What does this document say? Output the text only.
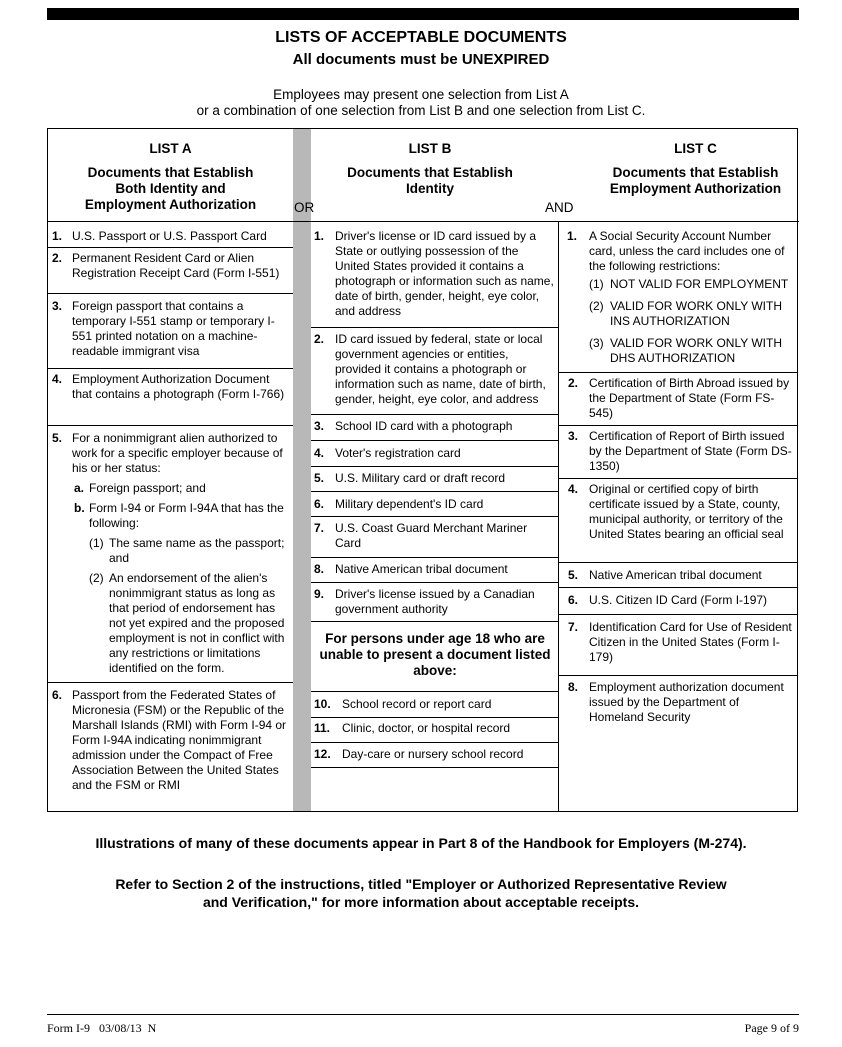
LISTS OF ACCEPTABLE DOCUMENTS
All documents must be UNEXPIRED
Employees may present one selection from List A
or a combination of one selection from List B and one selection from List C.
LIST A
Documents that Establish
Both Identity and
Employment Authorization	OR
LIST B
Documents that Establish
Identity
AND
LIST C
Documents that Establish
Employment Authorization
1. U.S. Passport or U.S. Passport Card
2. Permanent Resident Card or Alien Registration Receipt Card (Form I-551)
3. Foreign passport that contains a temporary I-551 stamp or temporary I-551 printed notation on a machine-readable immigrant visa
4. Employment Authorization Document that contains a photograph (Form I-766)
5. For a nonimmigrant alien authorized to work for a specific employer because of his or her status:
a. Foreign passport; and
b. Form I-94 or Form I-94A that has the following:
(1) The same name as the passport; and
(2) An endorsement of the alien's nonimmigrant status as long as that period of endorsement has not yet expired and the proposed employment is not in conflict with any restrictions or limitations identified on the form.
6. Passport from the Federated States of Micronesia (FSM) or the Republic of the Marshall Islands (RMI) with Form I-94 or Form I-94A indicating nonimmigrant admission under the Compact of Free Association Between the United States and the FSM or RMI
1. Driver's license or ID card issued by a State or outlying possession of the United States provided it contains a photograph or information such as name, date of birth, gender, height, eye color, and address
2. ID card issued by federal, state or local government agencies or entities, provided it contains a photograph or information such as name, date of birth, gender, height, eye color, and address
3. School ID card with a photograph
4. Voter's registration card
5. U.S. Military card or draft record
6. Military dependent's ID card
7. U.S. Coast Guard Merchant Mariner Card
8. Native American tribal document
9. Driver's license issued by a Canadian government authority
For persons under age 18 who are unable to present a document listed above:
10. School record or report card
11. Clinic, doctor, or hospital record
12. Day-care or nursery school record
1. A Social Security Account Number card, unless the card includes one of the following restrictions:
(1) NOT VALID FOR EMPLOYMENT
(2) VALID FOR WORK ONLY WITH INS AUTHORIZATION
(3) VALID FOR WORK ONLY WITH DHS AUTHORIZATION
2. Certification of Birth Abroad issued by the Department of State (Form FS-545)
3. Certification of Report of Birth issued by the Department of State (Form DS-1350)
4. Original or certified copy of birth certificate issued by a State, county, municipal authority, or territory of the United States bearing an official seal
5. Native American tribal document
6. U.S. Citizen ID Card (Form I-197)
7. Identification Card for Use of Resident Citizen in the United States (Form I-179)
8. Employment authorization document issued by the Department of Homeland Security
Illustrations of many of these documents appear in Part 8 of the Handbook for Employers (M-274).
Refer to Section 2 of the instructions, titled "Employer or Authorized Representative Review
and Verification," for more information about acceptable receipts.
Form I-9   03/08/13  N	Page 9 of 9
